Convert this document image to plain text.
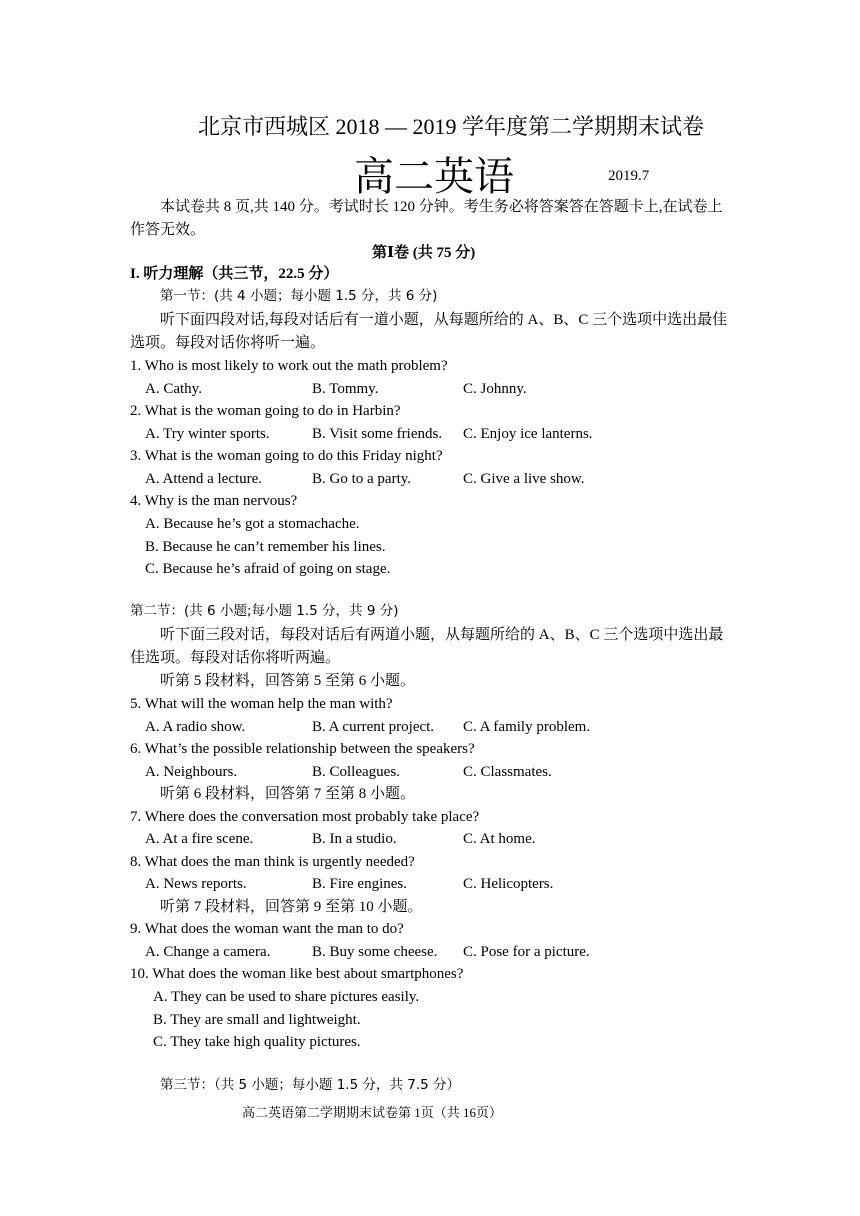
北京市西城区 2018 — 2019 学年度第二学期期末试卷
高二英语	2019.7
本试卷共 8 页,共 140 分。考试时长 120 分钟。考生务必将答案答在答题卡上,在试卷上作答无效。
第Ⅰ卷 (共 75 分)
I. 听力理解（共三节，22.5 分）
第一节：(共 4 小题；每小题 1.5 分，共 6 分)
听下面四段对话,每段对话后有一道小题，从每题所给的 A、B、C 三个选项中选出最佳选项。每段对话你将听一遍。
1. Who is most likely to work out the math problem?
A. Cathy.	B. Tommy.	C. Johnny.
2. What is the woman going to do in Harbin?
A. Try winter sports.	B. Visit some friends. C. Enjoy ice lanterns.
3. What is the woman going to do this Friday night?
A. Attend a lecture.	B. Go to a party.	C. Give a live show.
4. Why is the man nervous?
A. Because he’s got a stomachache.
B. Because he can’t remember his lines.
C. Because he’s afraid of going on stage.
第二节：(共 6 小题;每小题 1.5 分，共 9 分)
听下面三段对话，每段对话后有两道小题，从每题所给的 A、B、C 三个选项中选出最佳选项。每段对话你将听两遍。
听第 5 段材料，回答第 5 至第 6 小题。
5. What will the woman help the man with?
A. A radio show.	B. A current project. C. A family problem.
6. What’s the possible relationship between the speakers?
A. Neighbours.	B. Colleagues.	C. Classmates.
听第 6 段材料，回答第 7 至第 8 小题。
7. Where does the conversation most probably take place?
A. At a fire scene.	B. In a studio.	C. At home.
8. What does the man think is urgently needed?
A. News reports.	B. Fire engines.	C. Helicopters.
听第 7 段材料，回答第 9 至第 10 小题。
9. What does the woman want the man to do?
A. Change a camera.	B. Buy some cheese. C. Pose for a picture.
10. What does the woman like best about smartphones?
A. They can be used to share pictures easily.
B. They are small and lightweight.
C. They take high quality pictures.
第三节：（共 5 小题；每小题 1.5 分，共 7.5 分）
高二英语第二学期期末试卷第 1页（共 16页）
